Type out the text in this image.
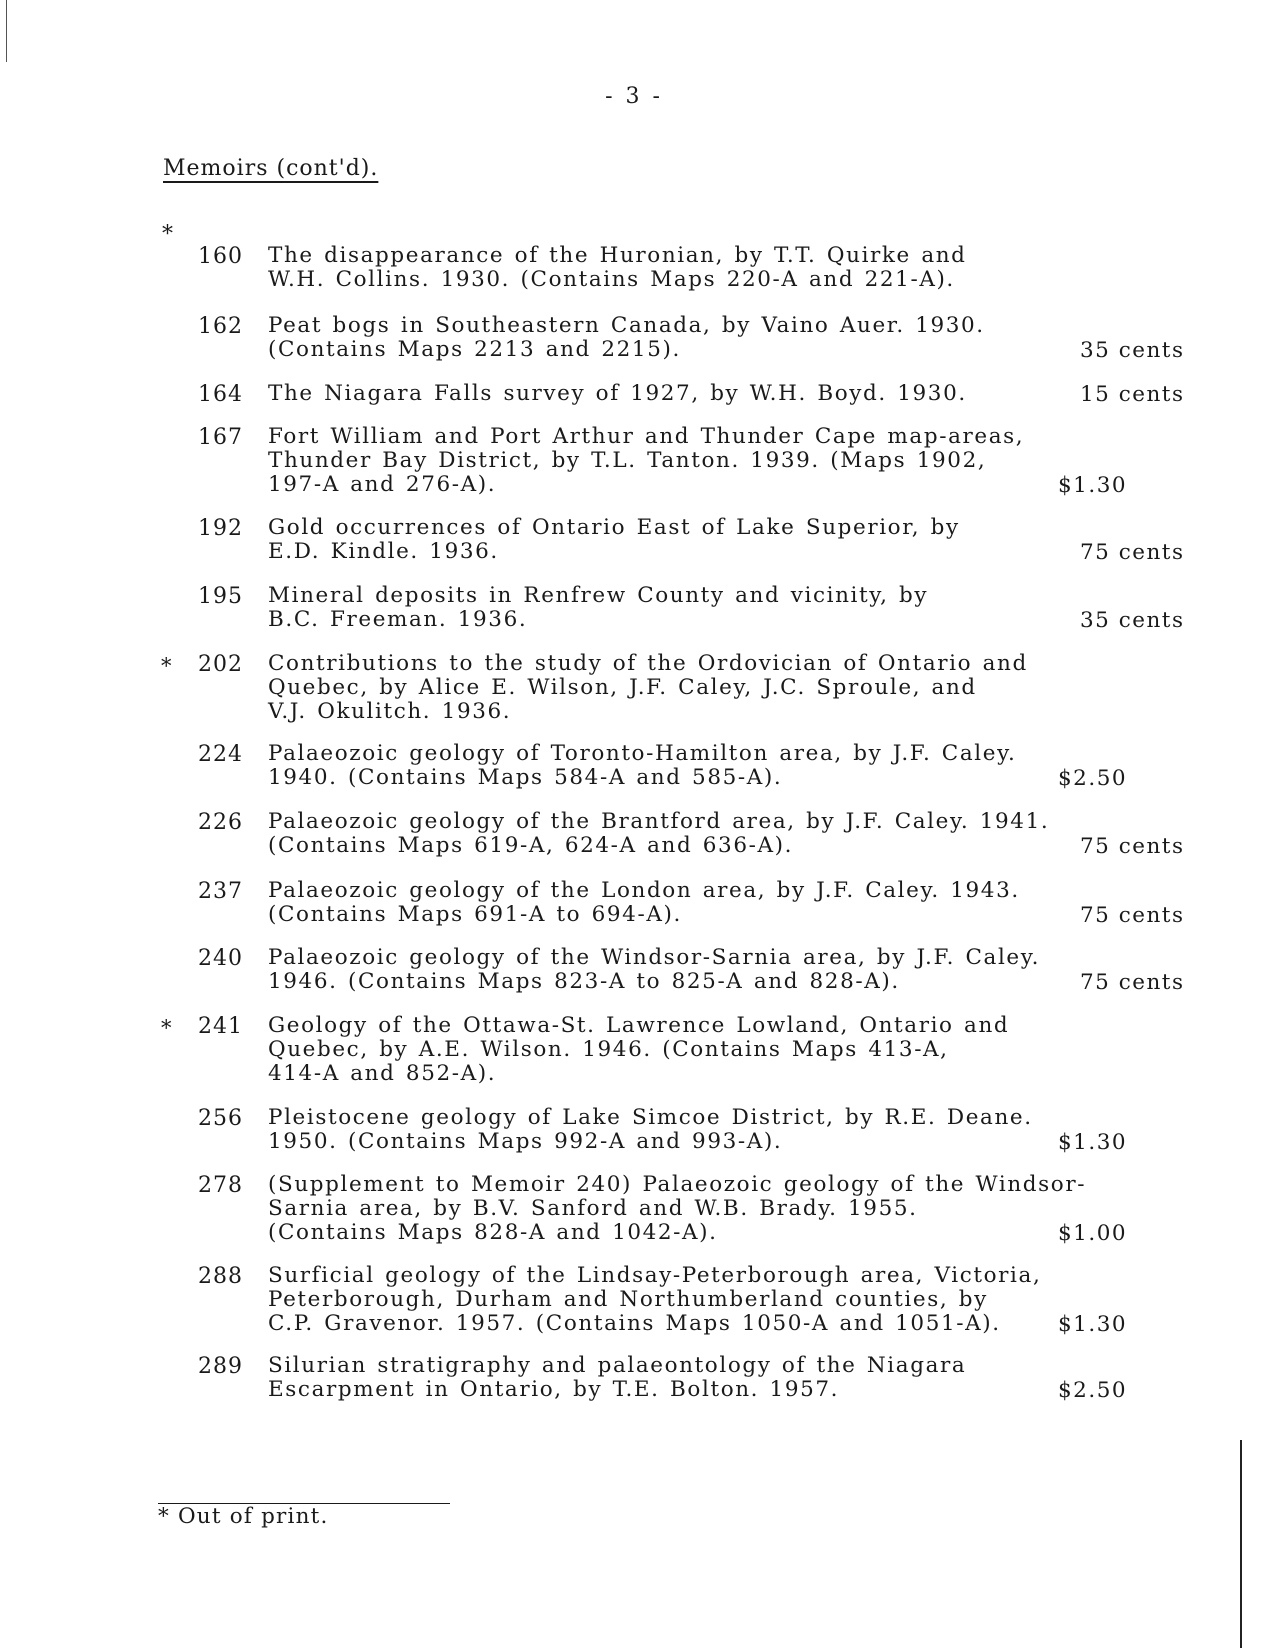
- 3 -
Memoirs (cont'd).
*
160 The disappearance of the Huronian, by T.T. Quirke and
W.H. Collins. 1930. (Contains Maps 220-A and 221-A).
162 Peat bogs in Southeastern Canada, by Vaino Auer. 1930.
(Contains Maps 2213 and 2215).	35 cents
164 The Niagara Falls survey of 1927, by W.H. Boyd. 1930.	15 cents
167 Fort William and Port Arthur and Thunder Cape map-areas,
Thunder Bay District, by T.L. Tanton. 1939. (Maps 1902,
197-A and 276-A).	$1.30
192 Gold occurrences of Ontario East of Lake Superior, by
E.D. Kindle. 1936.	75 cents
195 Mineral deposits in Renfrew County and vicinity, by
B.C. Freeman. 1936.	35 cents
* 202 Contributions to the study of the Ordovician of Ontario and
Quebec, by Alice E. Wilson, J.F. Caley, J.C. Sproule, and
V.J. Okulitch. 1936.
224 Palaeozoic geology of Toronto-Hamilton area, by J.F. Caley.
1940. (Contains Maps 584-A and 585-A).	$2.50
226 Palaeozoic geology of the Brantford area, by J.F. Caley. 1941.
(Contains Maps 619-A, 624-A and 636-A).	75 cents
237 Palaeozoic geology of the London area, by J.F. Caley. 1943.
(Contains Maps 691-A to 694-A).	75 cents
240 Palaeozoic geology of the Windsor-Sarnia area, by J.F. Caley.
1946. (Contains Maps 823-A to 825-A and 828-A).	75 cents
* 241 Geology of the Ottawa-St. Lawrence Lowland, Ontario and
Quebec, by A.E. Wilson. 1946. (Contains Maps 413-A,
414-A and 852-A).
256 Pleistocene geology of Lake Simcoe District, by R.E. Deane.
1950. (Contains Maps 992-A and 993-A).	$1.30
278 (Supplement to Memoir 240) Palaeozoic geology of the Windsor-
Sarnia area, by B.V. Sanford and W.B. Brady. 1955.
(Contains Maps 828-A and 1042-A).	$1.00
288 Surficial geology of the Lindsay-Peterborough area, Victoria,
Peterborough, Durham and Northumberland counties, by
C.P. Gravenor. 1957. (Contains Maps 1050-A and 1051-A).	$1.30
289 Silurian stratigraphy and palaeontology of the Niagara
Escarpment in Ontario, by T.E. Bolton. 1957.	$2.50
* Out of print.
